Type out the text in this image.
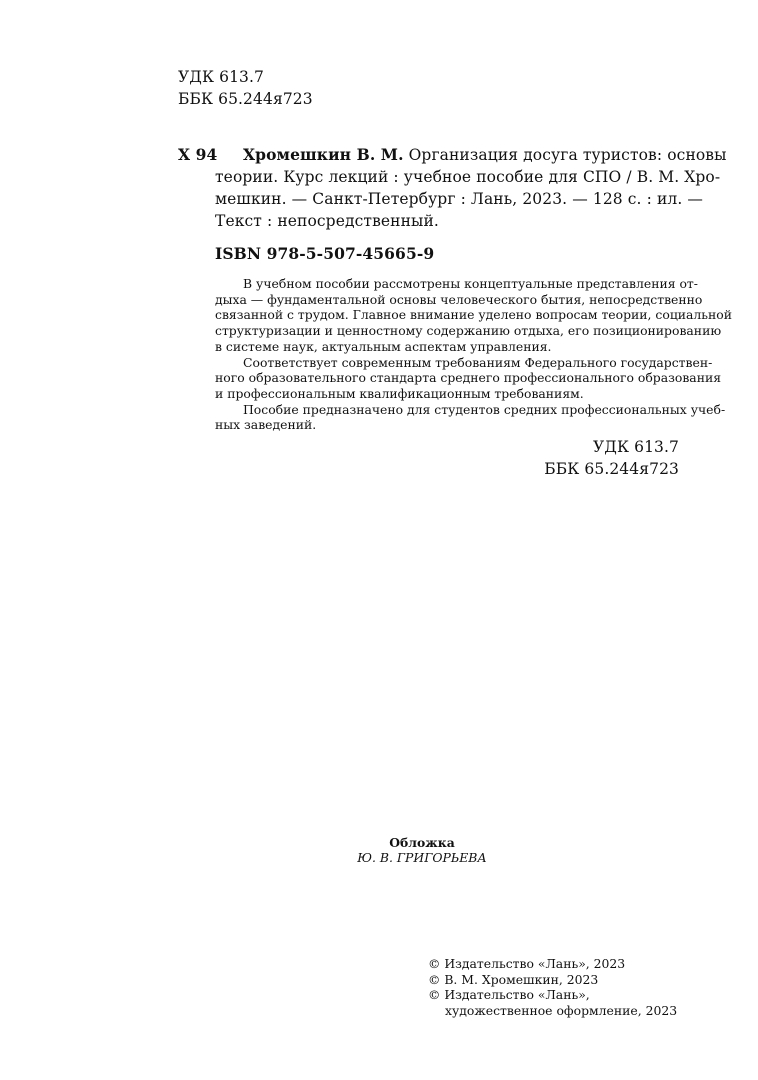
УДК 613.7
ББК 65.244я723
Х 94 Хромешкин В. М. Организация досуга туристов: основы
теории. Курс лекций : учебное пособие для СПО / В. М. Хро-
мешкин. — Санкт-Петербург : Лань, 2023. — 128 с. : ил. —
Текст : непосредственный.
ISBN 978-5-507-45665-9

В учебном пособии рассмотрены концептуальные представления от-

дыха — фундаментальной основы человеческого бытия, непосредственно

связанной с трудом. Главное внимание уделено вопросам теории, социальной

структуризации и ценностному содержанию отдыха, его позиционированию

в системе наук, актуальным аспектам управления.

Соответствует современным требованиям Федерального государствен-

ного образовательного стандарта среднего профессионального образования

и профессиональным квалификационным требованиям.

Пособие предназначено для студентов средних профессиональных учеб-

ных заведений.

УДК 613.7
ББК 65.244я723
Обложка
Ю. В. ГРИГОРЬЕВА
© Издательство «Лань», 2023
© В. М. Хромешкин, 2023
© Издательство «Лань»,
художественное оформление, 2023
